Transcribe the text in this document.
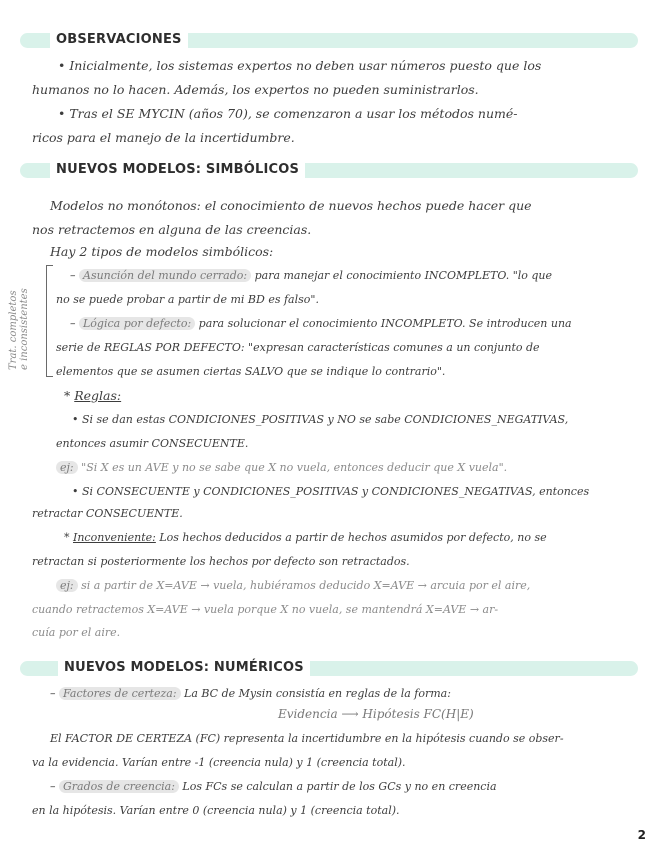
OBSERVACIONES
• Inicialmente, los sistemas expertos no deben usar números puesto que los
humanos no lo hacen. Además, los expertos no pueden suministrarlos.
• Tras el SE MYCIN (años 70), se comenzaron a usar los métodos numé-
ricos para el manejo de la incertidumbre.
NUEVOS MODELOS: SIMBÓLICOS
Modelos no monótonos: el conocimiento de nuevos hechos puede hacer que
nos retractemos en alguna de las creencias.
Hay 2 tipos de modelos simbólicos:
Trat. completos e inconsistentes
– Asunción del mundo cerrado: para manejar el conocimiento INCOMPLETO. "lo que
no se puede probar a partir de mi BD es falso".
– Lógica por defecto: para solucionar el conocimiento INCOMPLETO. Se introducen una
serie de REGLAS POR DEFECTO: "expresan características comunes a un conjunto de
elementos que se asumen ciertas SALVO que se indique lo contrario".
* Reglas:
• Si se dan estas CONDICIONES_POSITIVAS y NO se sabe CONDICIONES_NEGATIVAS,
entonces asumir CONSECUENTE.
ej: "Si X es un AVE y no se sabe que X no vuela, entonces deducir que X vuela".
• Si CONSECUENTE y CONDICIONES_POSITIVAS y CONDICIONES_NEGATIVAS, entonces
retractar CONSECUENTE.
* Inconveniente: Los hechos deducidos a partir de hechos asumidos por defecto, no se
retractan si posteriormente los hechos por defecto son retractados.
ej: si a partir de X=AVE → vuela, hubiéramos deducido X=AVE → arcuia por el aire,
cuando retractemos X=AVE → vuela porque X no vuela, se mantendrá X=AVE → ar-
cuía por el aire.
NUEVOS MODELOS: NUMÉRICOS
– Factores de certeza: La BC de Mysin consistía en reglas de la forma:
Evidencia ⟶ Hipótesis FC(H|E)
El FACTOR DE CERTEZA (FC) representa la incertidumbre en la hipótesis cuando se obser-
va la evidencia. Varían entre -1 (creencia nula) y 1 (creencia total).
– Grados de creencia: Los FCs se calculan a partir de los GCs y no en creencia
en la hipótesis. Varían entre 0 (creencia nula) y 1 (creencia total).
2
